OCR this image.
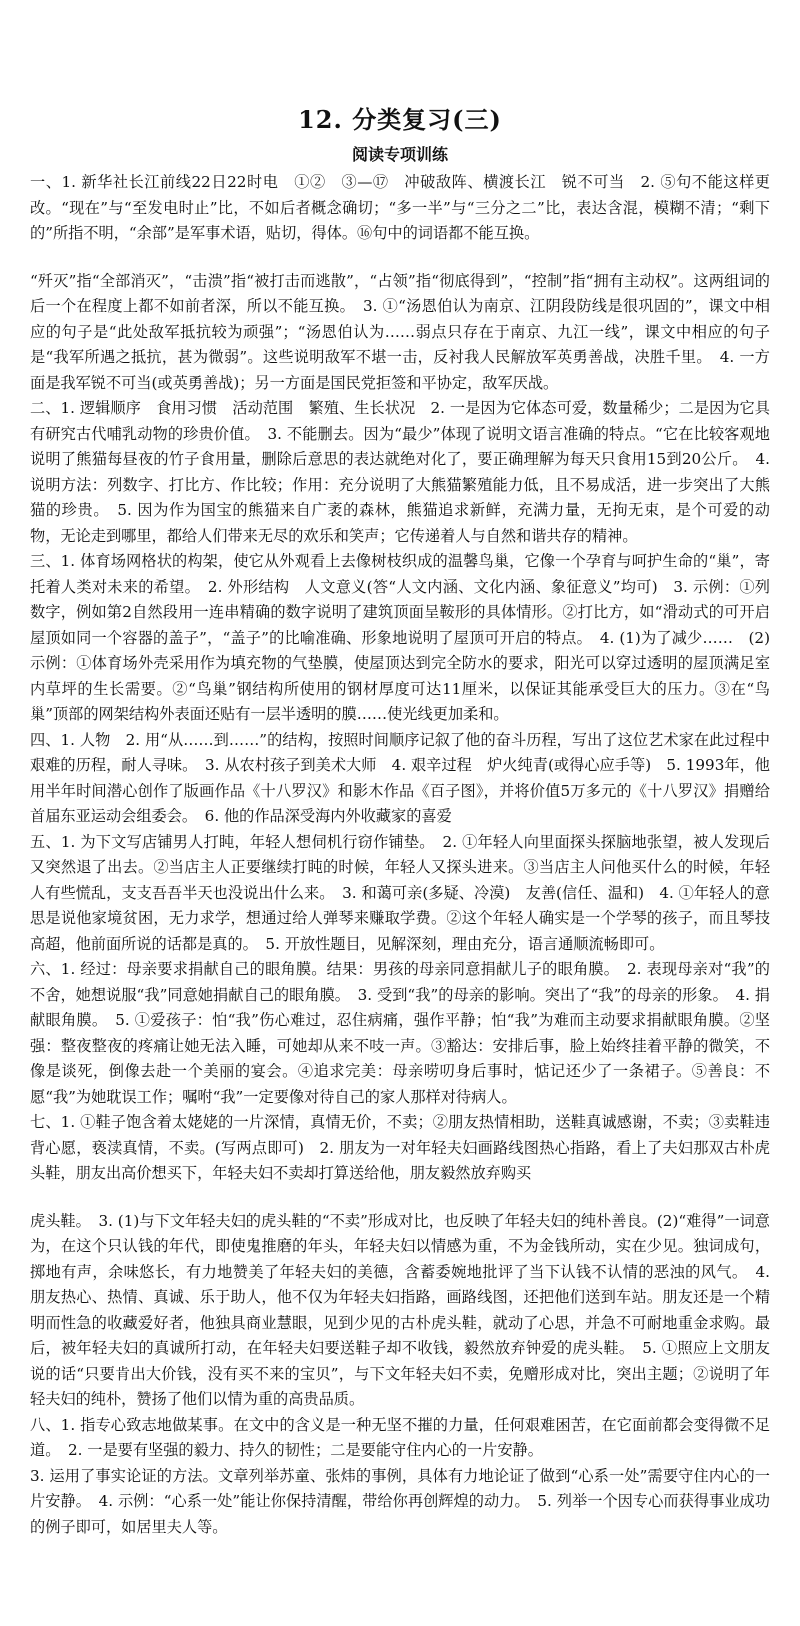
12. 分类复习(三)
阅读专项训练

一、1. 新华社长江前线22日22时电　①②　③—⑰　冲破敌阵、横渡长江　锐不可当　2. ⑤句不能这样更改。“现在”与“至发电时止”比，不如后者概念确切；“多一半”与“三分之二”比，表达含混，模糊不清；“剩下的”所指不明，“余部”是军事术语，贴切，得体。⑯句中的词语都不能互换。

“歼灭”指“全部消灭”，“击溃”指“被打击而逃散”，“占领”指“彻底得到”，“控制”指“拥有主动权”。这两组词的后一个在程度上都不如前者深，所以不能互换。　3. ①“汤恩伯认为南京、江阴段防线是很巩固的”，课文中相应的句子是“此处敌军抵抗较为顽强”；“汤恩伯认为……弱点只存在于南京、九江一线”，课文中相应的句子是“我军所遇之抵抗，甚为微弱”。这些说明敌军不堪一击，反衬我人民解放军英勇善战，决胜千里。　4. 一方面是我军锐不可当(或英勇善战)；另一方面是国民党拒签和平协定，敌军厌战。

二、1. 逻辑顺序　食用习惯　活动范围　繁殖、生长状况　2. 一是因为它体态可爱，数量稀少；二是因为它具有研究古代哺乳动物的珍贵价值。　3. 不能删去。因为“最少”体现了说明文语言准确的特点。“它在比较客观地说明了熊猫每昼夜的竹子食用量，删除后意思的表达就绝对化了，要正确理解为每天只食用15到20公斤。　4. 说明方法：列数字、打比方、作比较；作用：充分说明了大熊猫繁殖能力低，且不易成活，进一步突出了大熊猫的珍贵。　5. 因为作为国宝的熊猫来自广袤的森林，熊猫追求新鲜，充满力量，无拘无束，是个可爱的动物，无论走到哪里，都给人们带来无尽的欢乐和笑声；它传递着人与自然和谐共存的精神。

三、1. 体育场网格状的构架，使它从外观看上去像树枝织成的温馨鸟巢，它像一个孕育与呵护生命的“巢”，寄托着人类对未来的希望。　2. 外形结构　人文意义(答“人文内涵、文化内涵、象征意义”均可)　3. 示例：①列数字，例如第2自然段用一连串精确的数字说明了建筑顶面呈鞍形的具体情形。②打比方，如“滑动式的可开启屋顶如同一个容器的盖子”，“盖子”的比喻准确、形象地说明了屋顶可开启的特点。　4. (1)为了减少……　(2)示例：①体育场外壳采用作为填充物的气垫膜，使屋顶达到完全防水的要求，阳光可以穿过透明的屋顶满足室内草坪的生长需要。②“鸟巢”钢结构所使用的钢材厚度可达11厘米，以保证其能承受巨大的压力。③在“鸟巢”顶部的网架结构外表面还贴有一层半透明的膜……使光线更加柔和。

四、1. 人物　2. 用“从……到……”的结构，按照时间顺序记叙了他的奋斗历程，写出了这位艺术家在此过程中艰难的历程，耐人寻味。　3. 从农村孩子到美术大师　4. 艰辛过程　炉火纯青(或得心应手等)　5. 1993年，他用半年时间潜心创作了版画作品《十八罗汉》和影木作品《百子图》，并将价值5万多元的《十八罗汉》捐赠给首届东亚运动会组委会。　6. 他的作品深受海内外收藏家的喜爱

五、1. 为下文写店铺男人打盹，年轻人想伺机行窃作铺垫。　2. ①年轻人向里面探头探脑地张望，被人发现后又突然退了出去。②当店主人正要继续打盹的时候，年轻人又探头进来。③当店主人问他买什么的时候，年轻人有些慌乱，支支吾吾半天也没说出什么来。　3. 和蔼可亲(多疑、冷漠)　友善(信任、温和)　4. ①年轻人的意思是说他家境贫困，无力求学，想通过给人弹琴来赚取学费。②这个年轻人确实是一个学琴的孩子，而且琴技高超，他前面所说的话都是真的。　5. 开放性题目，见解深刻，理由充分，语言通顺流畅即可。

六、1. 经过：母亲要求捐献自己的眼角膜。结果：男孩的母亲同意捐献儿子的眼角膜。　2. 表现母亲对“我”的不舍，她想说服“我”同意她捐献自己的眼角膜。　3. 受到“我”的母亲的影响。突出了“我”的母亲的形象。　4. 捐献眼角膜。　5. ①爱孩子：怕“我”伤心难过，忍住病痛，强作平静；怕“我”为难而主动要求捐献眼角膜。②坚强：整夜整夜的疼痛让她无法入睡，可她却从来不吱一声。③豁达：安排后事，脸上始终挂着平静的微笑，不像是谈死，倒像去赴一个美丽的宴会。④追求完美：母亲唠叨身后事时，惦记还少了一条裙子。⑤善良：不愿“我”为她耽误工作；嘱咐“我”一定要像对待自己的家人那样对待病人。

七、1. ①鞋子饱含着太姥姥的一片深情，真情无价，不卖；②朋友热情相助，送鞋真诚感谢，不卖；③卖鞋违背心愿，亵渎真情，不卖。(写两点即可)　2. 朋友为一对年轻夫妇画路线图热心指路，看上了夫妇那双古朴虎头鞋，朋友出高价想买下，年轻夫妇不卖却打算送给他，朋友毅然放弃购买

虎头鞋。　3. (1)与下文年轻夫妇的虎头鞋的“不卖”形成对比，也反映了年轻夫妇的纯朴善良。(2)“难得”一词意为，在这个只认钱的年代，即使鬼推磨的年头，年轻夫妇以情感为重，不为金钱所动，实在少见。独词成句，掷地有声，余味悠长，有力地赞美了年轻夫妇的美德，含蓄委婉地批评了当下认钱不认情的恶浊的风气。　4. 朋友热心、热情、真诚、乐于助人，他不仅为年轻夫妇指路，画路线图，还把他们送到车站。朋友还是一个精明而性急的收藏爱好者，他独具商业慧眼，见到少见的古朴虎头鞋，就动了心思，并急不可耐地重金求购。最后，被年轻夫妇的真诚所打动，在年轻夫妇要送鞋子却不收钱，毅然放弃钟爱的虎头鞋。　5. ①照应上文朋友说的话“只要肯出大价钱，没有买不来的宝贝”，与下文年轻夫妇不卖，免赠形成对比，突出主题；②说明了年轻夫妇的纯朴，赞扬了他们以情为重的高贵品质。

八、1. 指专心致志地做某事。在文中的含义是一种无坚不摧的力量，任何艰难困苦，在它面前都会变得微不足道。　2. 一是要有坚强的毅力、持久的韧性；二是要能守住内心的一片安静。

3. 运用了事实论证的方法。文章列举苏童、张炜的事例，具体有力地论证了做到“心系一处”需要守住内心的一片安静。　4. 示例：“心系一处”能让你保持清醒，带给你再创辉煌的动力。　5. 列举一个因专心而获得事业成功的例子即可，如居里夫人等。
